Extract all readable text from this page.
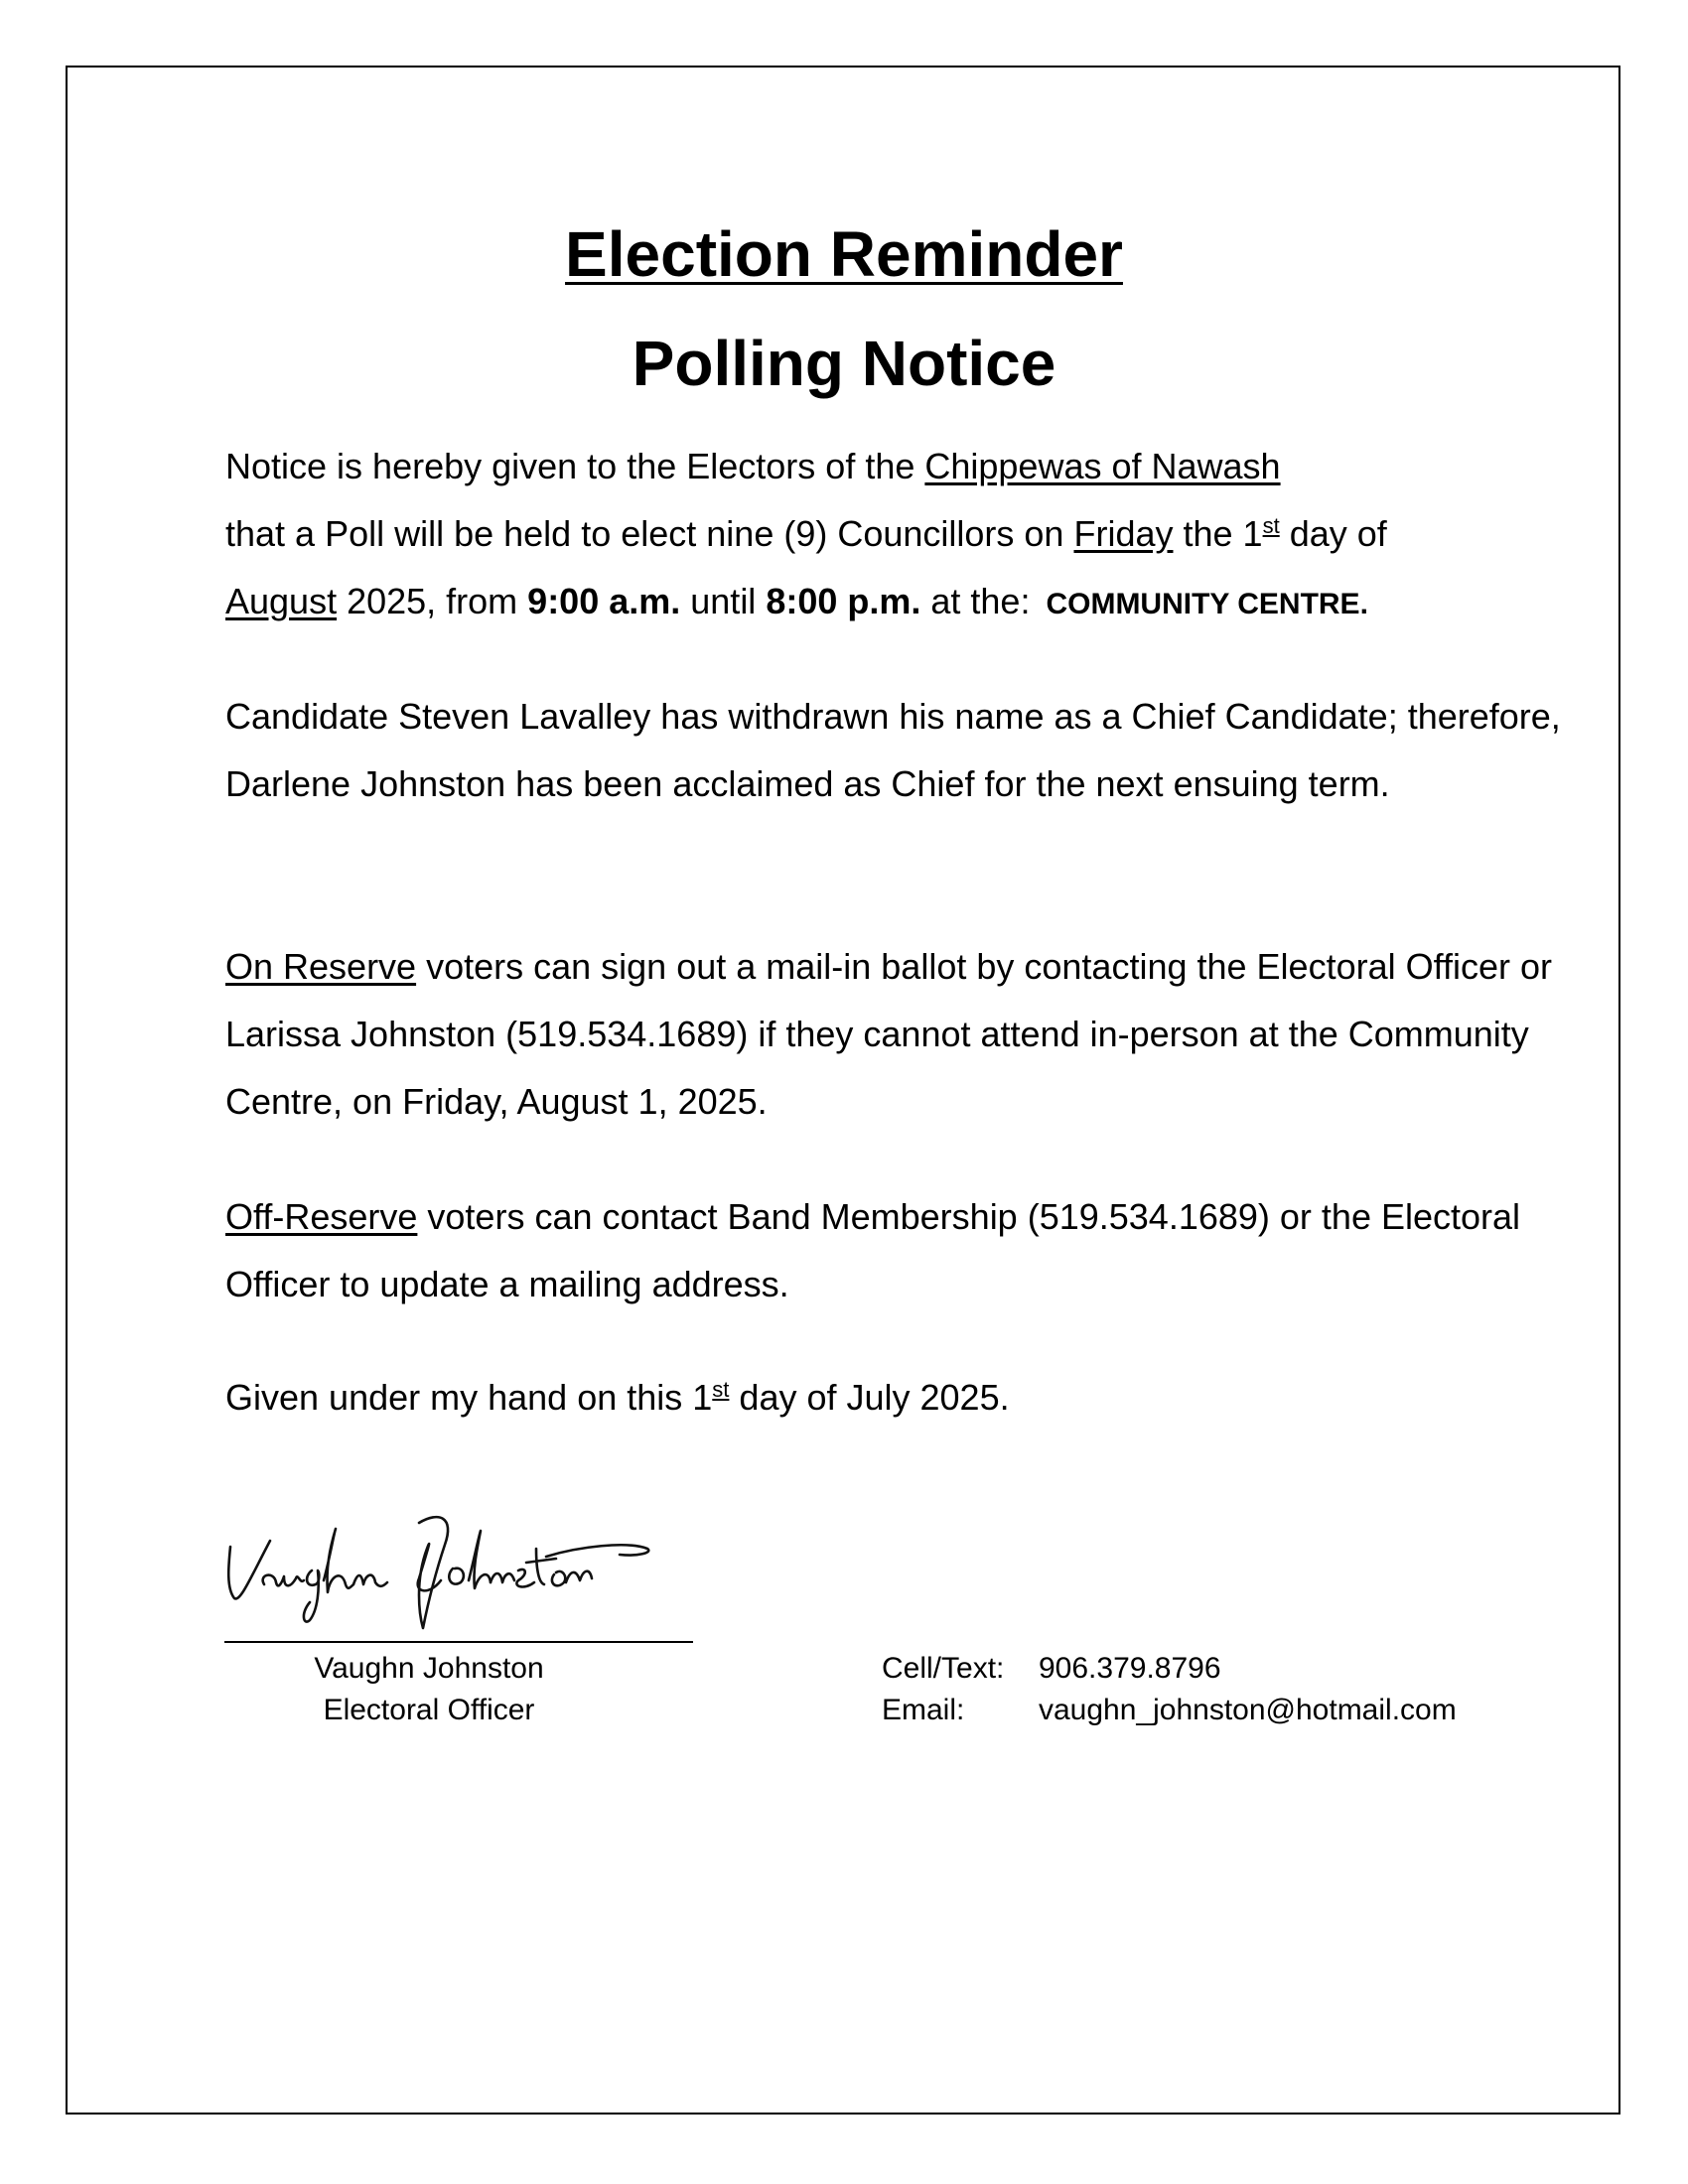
Election Reminder
Polling Notice

Notice is hereby given to the Electors of the Chippewas of Nawash
that a Poll will be held to elect nine (9) Councillors on Friday the 1st day of
August 2025, from 9:00 a.m. until 8:00 p.m. at the: COMMUNITY CENTRE.

Candidate Steven Lavalley has withdrawn his name as a Chief Candidate; therefore, Darlene Johnston has been acclaimed as Chief for the next ensuing term.

On Reserve voters can sign out a mail-in ballot by contacting the Electoral Officer or Larissa Johnston (519.534.1689) if they cannot attend in-person at the Community Centre, on Friday, August 1, 2025.

Off-Reserve voters can contact Band Membership (519.534.1689) or the Electoral Officer to update a mailing address.

Given under my hand on this 1st day of July 2025.

Vaughn Johnston
Electoral Officer
Cell/Text:	906.379.8796
Email:	vaughn_johnston@hotmail.com
